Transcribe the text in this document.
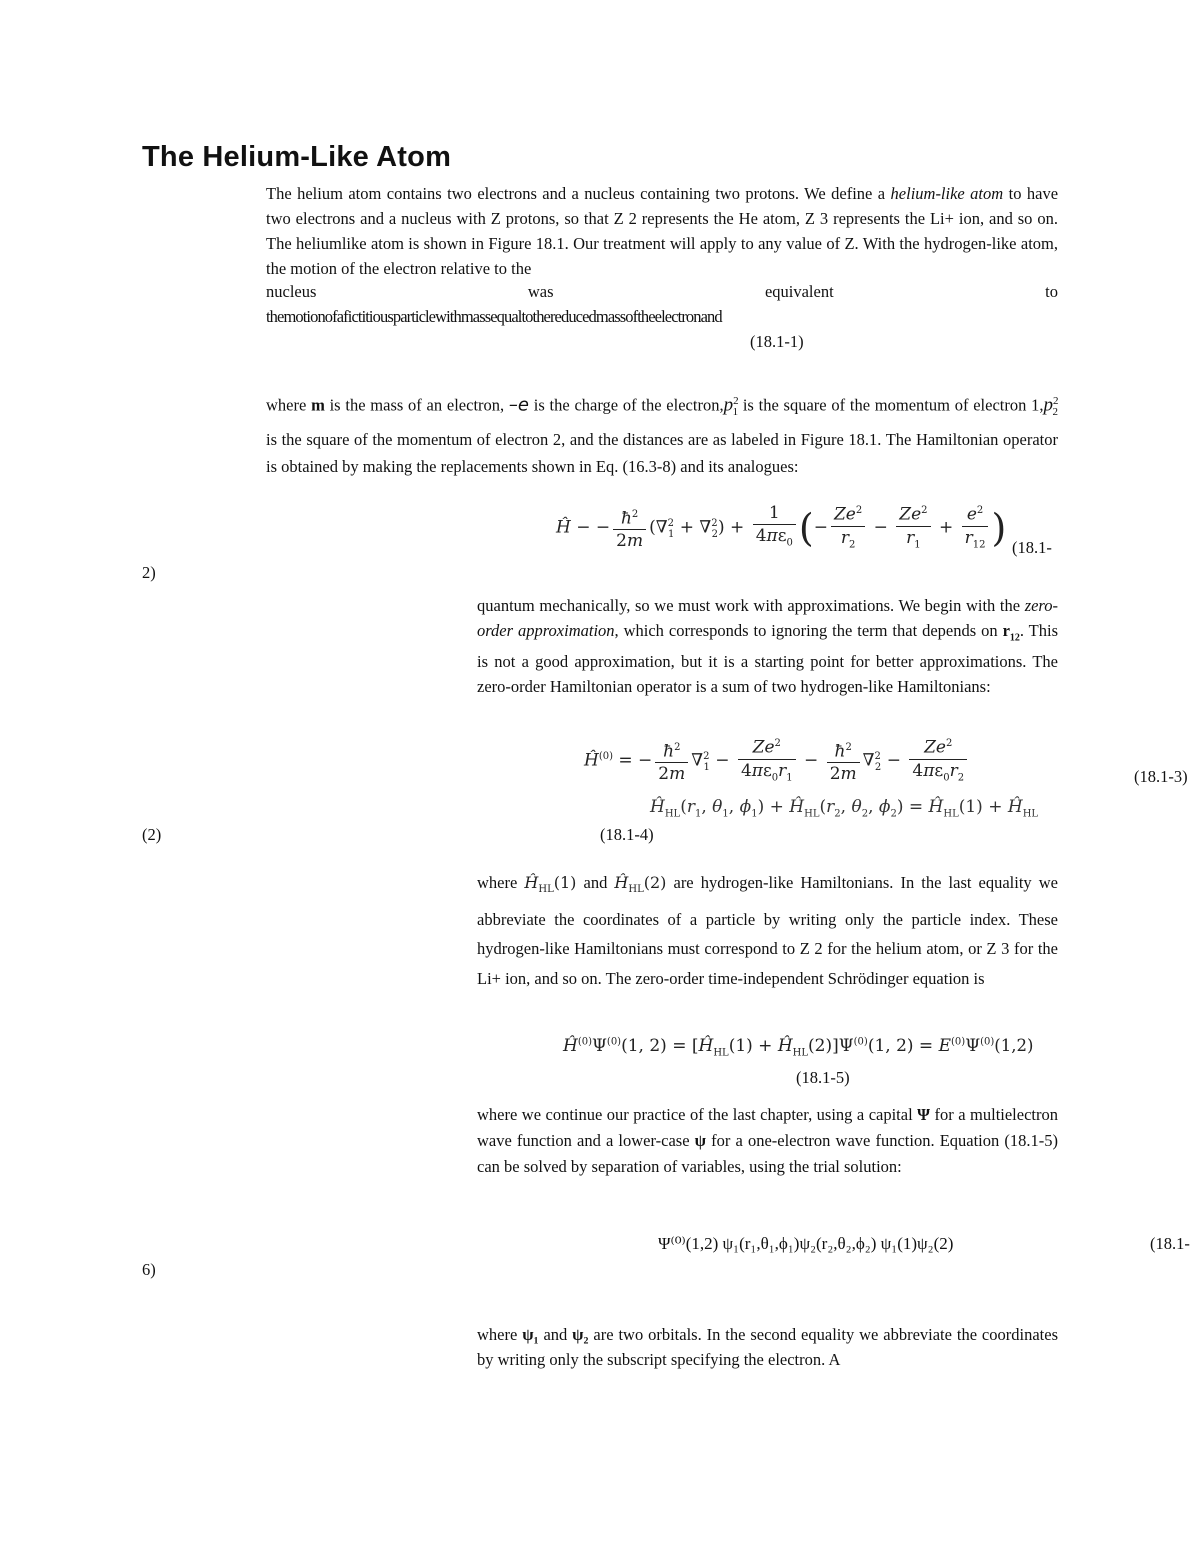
The Helium-Like Atom
The helium atom contains two electrons and a nucleus containing two protons. We define a helium-like atom to have two electrons and a nucleus with Z protons, so that Z 2 represents the He atom, Z 3 represents the Li+ ion, and so on. The heliumlike atom is shown in Figure 18.1. Our treatment will apply to any value of Z. With the hydrogen-like atom, the motion of the electron relative to the
nucleus	was	equivalent	to
themotionofafictitiousparticlewithmassequaltothereducedmassoftheelectronand
(18.1-1)
where m is the mass of an electron, –e is the charge of the $electron,p^2_1$ is the square of the momentum of electron $1,p^2_2$ is the square of the momentum of electron 2, and the distances are as labeled in Figure 18.1. The Hamiltonian operator is obtained by making the replacements shown in Eq. (16.3-8) and its analogues:
Ĥ − − $\frac{ħ^2}{2m} (\nabla^2_1 + \nabla^2_2) + \frac{1}{4\pi\varepsilon_0}$ (− $\frac{Ze^2}{r_2} - \frac{Ze^2}{r_1} + \frac{e^2}{r_{12}}$ ) (18.1-
2)
quantum mechanically, so we must work with approximations. We begin with the zero-order approximation, which corresponds to ignoring the term that depends on $r_{12}$. This is not a good approximation, but it is a starting point for better approximations. The zero-order Hamiltonian operator is a sum of two hydrogen-like Hamiltonians:
$Ĥ^{(0)}$ = − $\frac{ħ^2}{2m} \nabla^2_1 - \frac{Ze^2}{4\pi\varepsilon_0r_1} - \frac{ħ^2}{2m} \nabla^2_2 - \frac{Ze^2}{4\pi\varepsilon_0r_2}$	(18.1-3)
$Ĥ_{HL}(r_1$, $\theta_1$, $\phi_1$) + $Ĥ_{HL}(r_2$, $\theta_2$, $\phi_2$) = $Ĥ_{HL}(1)$ + $Ĥ_{HL}$
(2)	(18.1-4)
where $Ĥ_{HL}(1)$ and $Ĥ_{HL}(2)$ are hydrogen-like Hamiltonians. In the last equality we abbreviate the coordinates of a particle by writing only the particle index. These hydrogen-like Hamiltonians must correspond to Z 2 for the helium atom, or Z 3 for the Li+ ion, and so on. The zero-order time-independent Schrödinger equation is
$Ĥ^{(0)}\Psi^{(0)}(1$, $2) = [Ĥ_{HL}(1)$ + $Ĥ_{HL}(2)]\Psi^{(0)}(1$, $2) = E^{(0)}\Psi^{(0)}(1,2)$
(18.1-5)
where we continue our practice of the last chapter, using a capital Ψ for a multielectron wave function and a lower-case ψ for a one-electron wave function. Equation (18.1-5) can be solved by separation of variables, using the trial solution:
Ψ⁽⁰⁾(1,2) ψ₁(r₁,θ₁,ϕ₁)ψ₂(r₂,θ₂,ϕ₂) ψ₁(1)ψ₂(2)	(18.1-
6)
where ψ₁ and ψ₂ are two orbitals. In the second equality we abbreviate the coordinates by writing only the subscript specifying the electron. A
